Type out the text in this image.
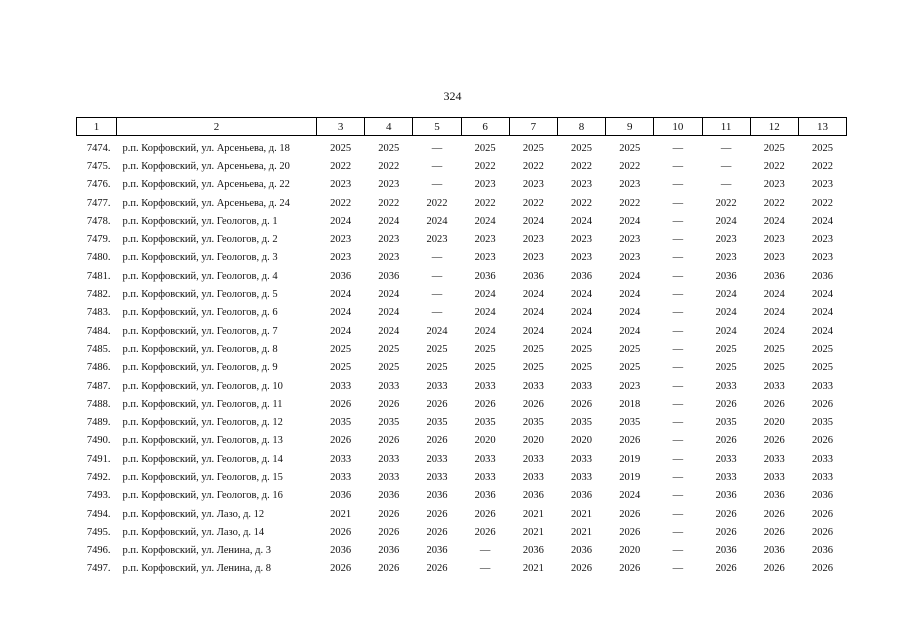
324
1	2	3	4	5	6	7	8	9	10	11	12	13
7474.	р.п. Корфовский, ул. Арсеньева, д. 18	2025	2025	—	2025	2025	2025	2025	—	—	2025	2025
7475.	р.п. Корфовский, ул. Арсеньева, д. 20	2022	2022	—	2022	2022	2022	2022	—	—	2022	2022
7476.	р.п. Корфовский, ул. Арсеньева, д. 22	2023	2023	—	2023	2023	2023	2023	—	—	2023	2023
7477.	р.п. Корфовский, ул. Арсеньева, д. 24	2022	2022	2022	2022	2022	2022	2022	—	2022	2022	2022
7478.	р.п. Корфовский, ул. Геологов, д. 1	2024	2024	2024	2024	2024	2024	2024	—	2024	2024	2024
7479.	р.п. Корфовский, ул. Геологов, д. 2	2023	2023	2023	2023	2023	2023	2023	—	2023	2023	2023
7480.	р.п. Корфовский, ул. Геологов, д. 3	2023	2023	—	2023	2023	2023	2023	—	2023	2023	2023
7481.	р.п. Корфовский, ул. Геологов, д. 4	2036	2036	—	2036	2036	2036	2024	—	2036	2036	2036
7482.	р.п. Корфовский, ул. Геологов, д. 5	2024	2024	—	2024	2024	2024	2024	—	2024	2024	2024
7483.	р.п. Корфовский, ул. Геологов, д. 6	2024	2024	—	2024	2024	2024	2024	—	2024	2024	2024
7484.	р.п. Корфовский, ул. Геологов, д. 7	2024	2024	2024	2024	2024	2024	2024	—	2024	2024	2024
7485.	р.п. Корфовский, ул. Геологов, д. 8	2025	2025	2025	2025	2025	2025	2025	—	2025	2025	2025
7486.	р.п. Корфовский, ул. Геологов, д. 9	2025	2025	2025	2025	2025	2025	2025	—	2025	2025	2025
7487.	р.п. Корфовский, ул. Геологов, д. 10	2033	2033	2033	2033	2033	2033	2023	—	2033	2033	2033
7488.	р.п. Корфовский, ул. Геологов, д. 11	2026	2026	2026	2026	2026	2026	2018	—	2026	2026	2026
7489.	р.п. Корфовский, ул. Геологов, д. 12	2035	2035	2035	2035	2035	2035	2035	—	2035	2020	2035
7490.	р.п. Корфовский, ул. Геологов, д. 13	2026	2026	2026	2020	2020	2020	2026	—	2026	2026	2026
7491.	р.п. Корфовский, ул. Геологов, д. 14	2033	2033	2033	2033	2033	2033	2019	—	2033	2033	2033
7492.	р.п. Корфовский, ул. Геологов, д. 15	2033	2033	2033	2033	2033	2033	2019	—	2033	2033	2033
7493.	р.п. Корфовский, ул. Геологов, д. 16	2036	2036	2036	2036	2036	2036	2024	—	2036	2036	2036
7494.	р.п. Корфовский, ул. Лазо, д. 12	2021	2026	2026	2026	2021	2021	2026	—	2026	2026	2026
7495.	р.п. Корфовский, ул. Лазо, д. 14	2026	2026	2026	2026	2021	2021	2026	—	2026	2026	2026
7496.	р.п. Корфовский, ул. Ленина, д. 3	2036	2036	2036	—	2036	2036	2020	—	2036	2036	2036
7497.	р.п. Корфовский, ул. Ленина, д. 8	2026	2026	2026	—	2021	2026	2026	—	2026	2026	2026
